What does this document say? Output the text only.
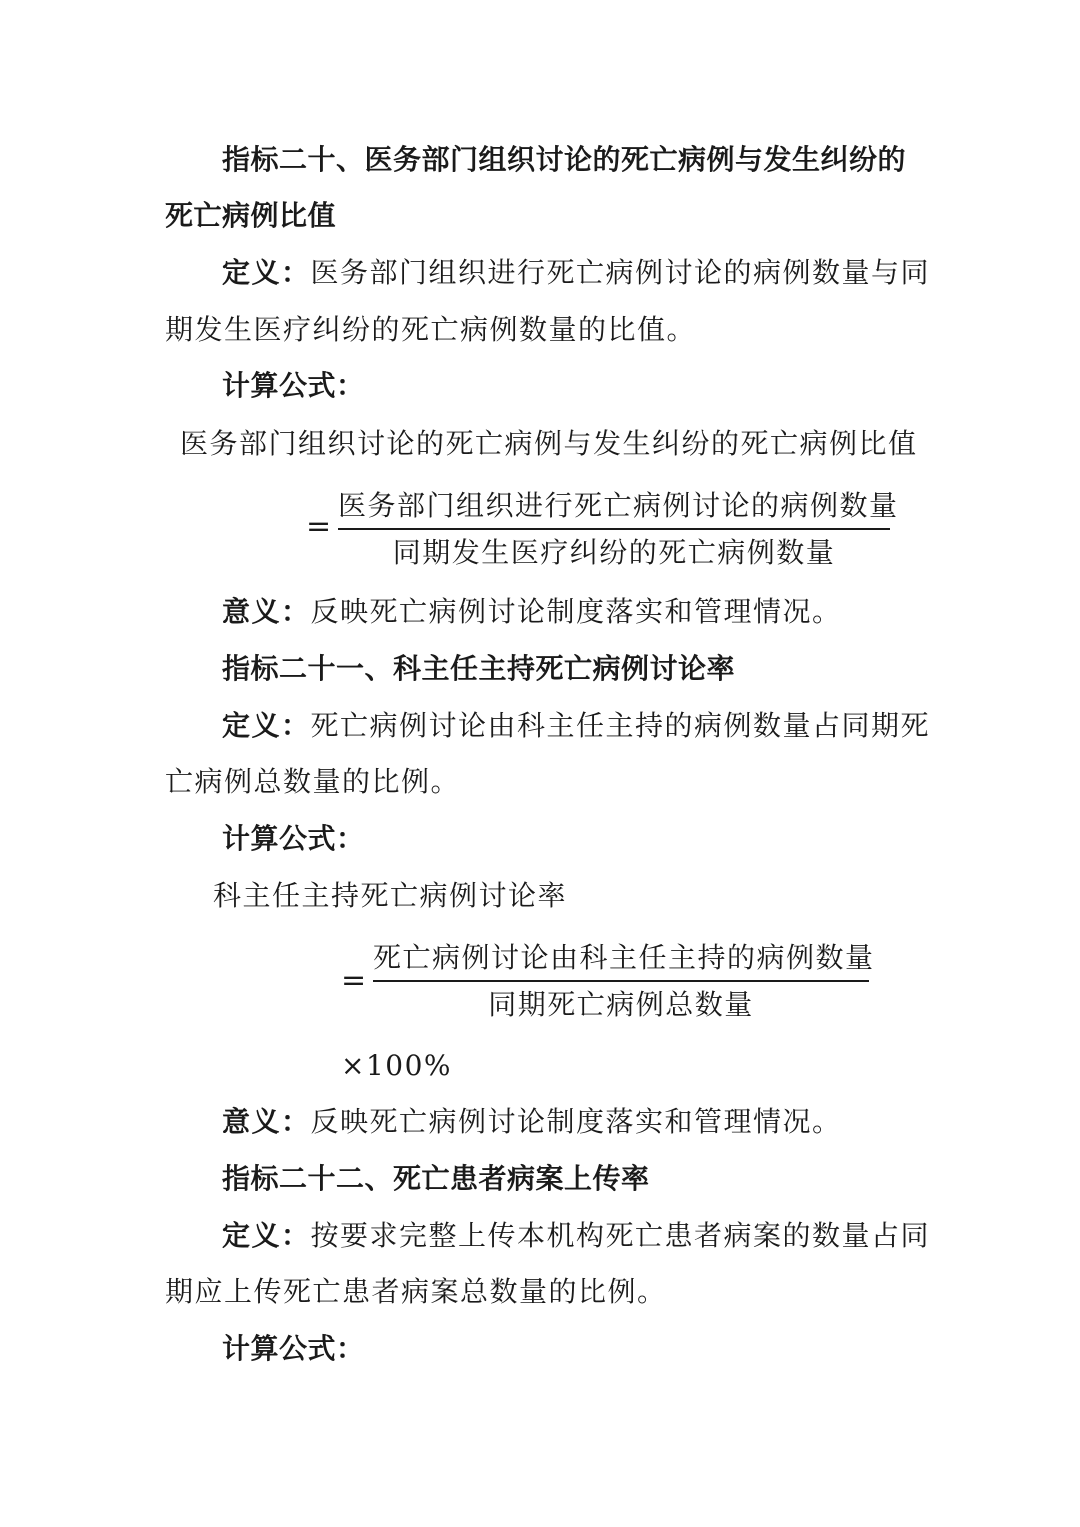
指标二十、医务部门组织讨论的死亡病例与发生纠纷的
死亡病例比值
定义：医务部门组织进行死亡病例讨论的病例数量与同
期发生医疗纠纷的死亡病例数量的比值。
计算公式：
医务部门组织讨论的死亡病例与发生纠纷的死亡病例比值
=
医务部门组织进行死亡病例讨论的病例数量
同期发生医疗纠纷的死亡病例数量
意义：反映死亡病例讨论制度落实和管理情况。
指标二十一、科主任主持死亡病例讨论率
定义：死亡病例讨论由科主任主持的病例数量占同期死
亡病例总数量的比例。
计算公式：
科主任主持死亡病例讨论率
=
死亡病例讨论由科主任主持的病例数量
同期死亡病例总数量
×100%
意义：反映死亡病例讨论制度落实和管理情况。
指标二十二、死亡患者病案上传率
定义：按要求完整上传本机构死亡患者病案的数量占同
期应上传死亡患者病案总数量的比例。
计算公式：
